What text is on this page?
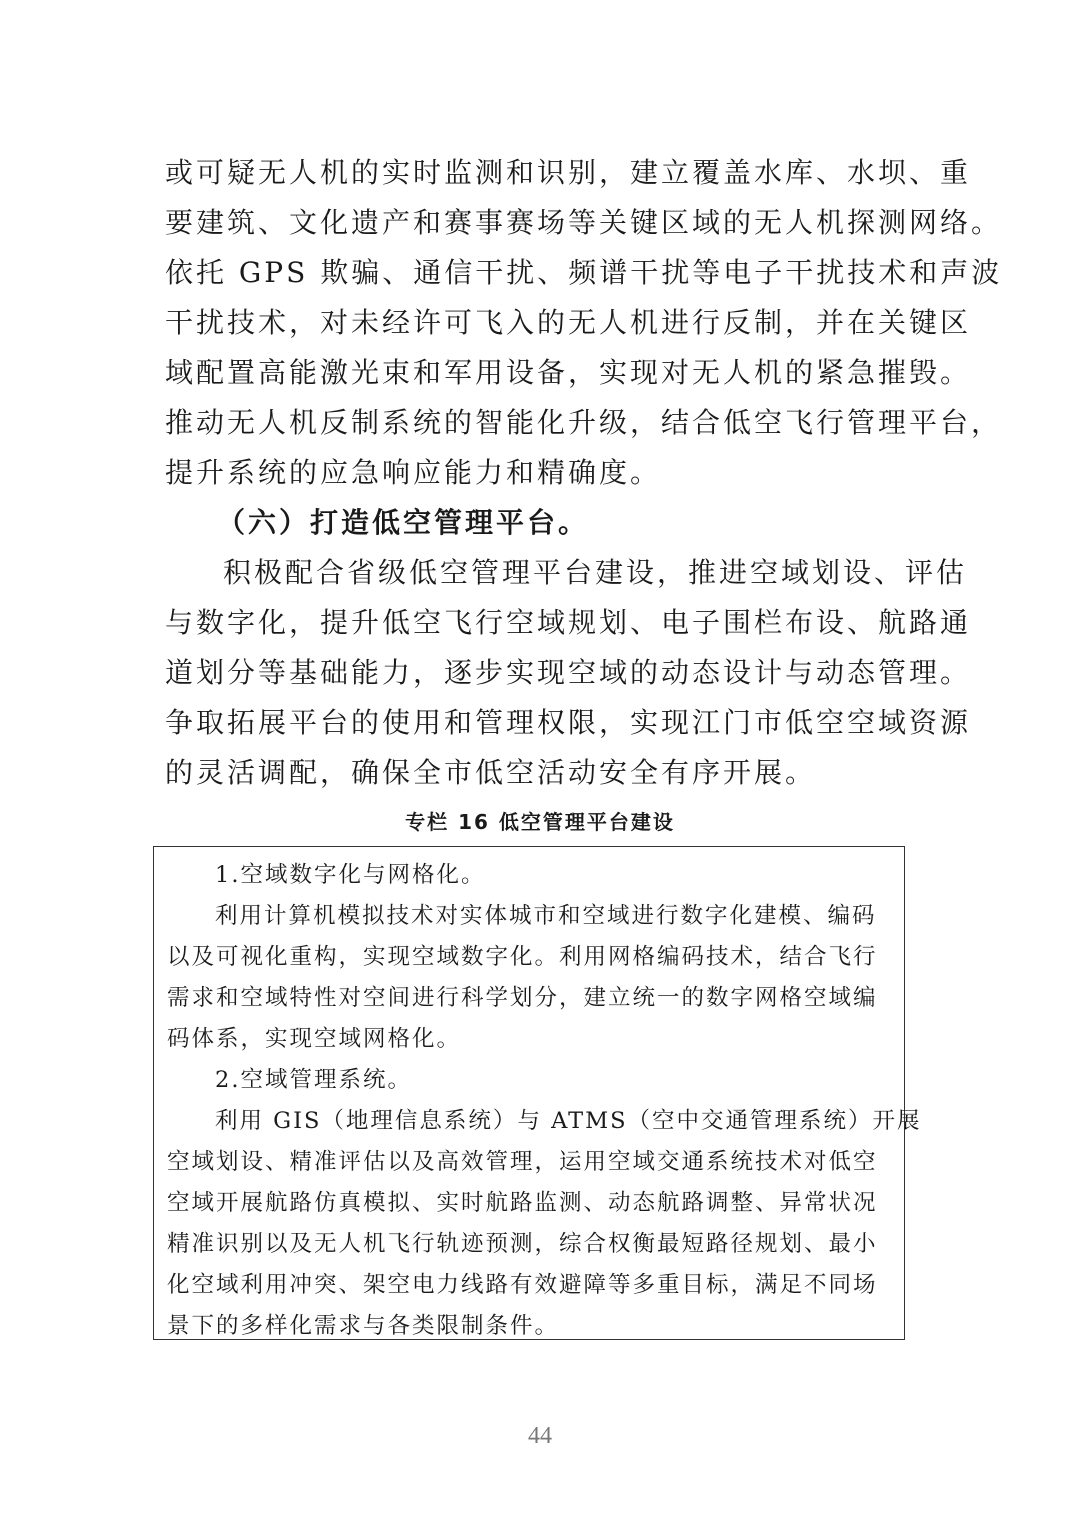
或可疑无人机的实时监测和识别，建立覆盖水库、水坝、重
要建筑、文化遗产和赛事赛场等关键区域的无人机探测网络。
依托 GPS 欺骗、通信干扰、频谱干扰等电子干扰技术和声波
干扰技术，对未经许可飞入的无人机进行反制，并在关键区
域配置高能激光束和军用设备，实现对无人机的紧急摧毁。
推动无人机反制系统的智能化升级，结合低空飞行管理平台，
提升系统的应急响应能力和精确度。
（六）打造低空管理平台。
积极配合省级低空管理平台建设，推进空域划设、评估
与数字化，提升低空飞行空域规划、电子围栏布设、航路通
道划分等基础能力，逐步实现空域的动态设计与动态管理。
争取拓展平台的使用和管理权限，实现江门市低空空域资源
的灵活调配，确保全市低空活动安全有序开展。
专栏 16 低空管理平台建设
1.空域数字化与网格化。
利用计算机模拟技术对实体城市和空域进行数字化建模、编码
以及可视化重构，实现空域数字化。利用网格编码技术，结合飞行
需求和空域特性对空间进行科学划分，建立统一的数字网格空域编
码体系，实现空域网格化。
2.空域管理系统。
利用 GIS（地理信息系统）与 ATMS（空中交通管理系统）开展
空域划设、精准评估以及高效管理，运用空域交通系统技术对低空
空域开展航路仿真模拟、实时航路监测、动态航路调整、异常状况
精准识别以及无人机飞行轨迹预测，综合权衡最短路径规划、最小
化空域利用冲突、架空电力线路有效避障等多重目标，满足不同场
景下的多样化需求与各类限制条件。
44
